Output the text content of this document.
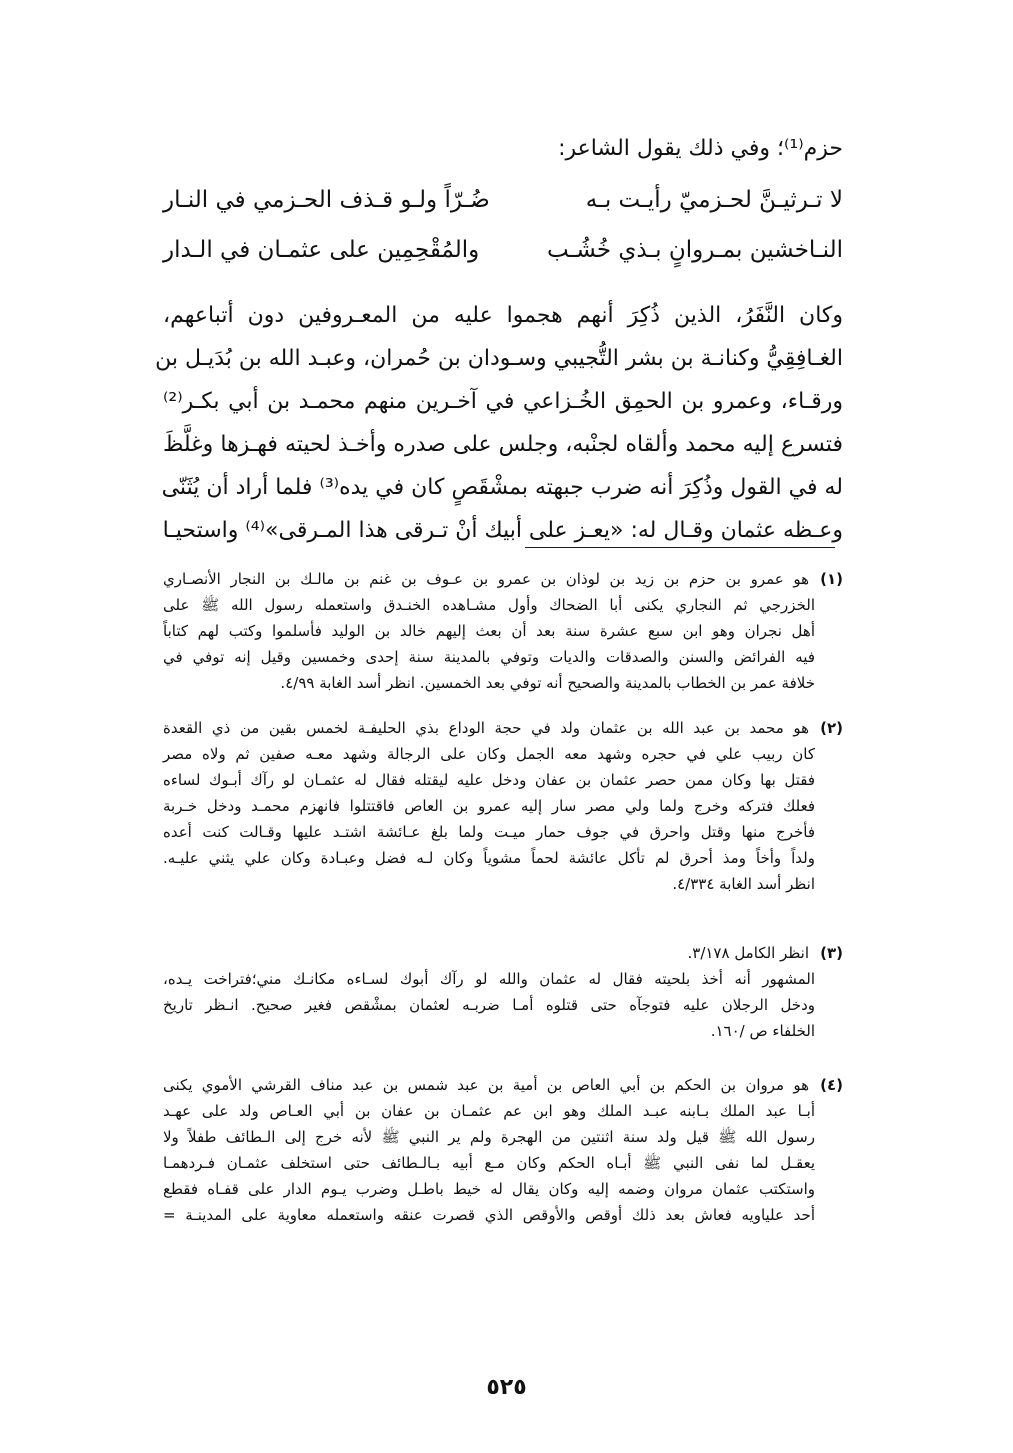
حزم⁽¹⁾؛ وفي ذلك يقول الشاعر:
لا تـرثيـنَّ لحـزميّ رأيـت بـه
ضُـرّاً ولـو قـذف الحـزمي في النـار
النـاخشين بمـروانٍ بـذي خُشُـب
والمُقْحِمِين على عثمـان في الـدار
وكان النَّفَرُ، الذين ذُكِرَ أنهم هجموا عليه من المعـروفين دون أتباعهم،
الغـافِقِيُّ وكنانـة بن بشر التُّجيبي وسـودان بن حُمران، وعبـد الله بن بُدَيـل بن
ورقـاء، وعمرو بن الحمِق الخُـزاعي في آخـرين منهم محمـد بن أبي بكـر⁽²⁾
فتسرع إليه محمد وألقاه لجنْبه، وجلس على صدره وأخـذ لحيته فهـزها وغلَّظَ
له في القول وذُكِرَ أنه ضرب جبهته بمشْقَصٍ كان في يده⁽³⁾ فلما أراد أن يُثَنّى
وعـظه عثمان وقـال له: «يعـز على أبيك أنْ تـرقى هذا المـرقى»⁽⁴⁾ واستحيـا
(١)
هو عمرو بن حزم بن زيد بن لوذان بن عمرو بن عـوف بن غنم بن مالـك بن النجار الأنصـاري
الخزرجي ثم النجاري يكنى أبا الضحاك وأول مشـاهده الخنـدق واستعمله رسول الله ﷺ على
أهل نجران وهو ابن سبع عشرة سنة بعد أن بعث إليهم خالد بن الوليد فأسلموا وكتب لهم كتاباً
فيه الفرائض والسنن والصدقات والديات وتوفي بالمدينة سنة إحدى وخمسين وقيل إنه توفي في
خلافة عمر بن الخطاب بالمدينة والصحيح أنه توفي بعد الخمسين. انظر أسد الغابة ٤/٩٩.
(٢)
هو محمد بن عبد الله بن عثمان ولد في حجة الوداع بذي الحليفـة لخمس بقين من ذي القعدة
كان ربيب علي في حجره وشهد معه الجمل وكان على الرجالة وشهد معـه صفين ثم ولاه مصر
فقتل بها وكان ممن حصر عثمان بن عفان ودخل عليه ليقتله فقال له عثمـان لو رآك أبـوك لساءه
فعلك فتركه وخرج ولما ولي مصر سار إليه عمرو بن العاص فاقتتلوا فانهزم محمـد ودخل خـربة
فأخرج منها وقتل واحرق في جوف حمار ميـت ولما بلغ عـائشة اشتـد عليها وقـالت كنت أعده
ولداً وأخاً ومذ أحرق لم تأكل عائشة لحماً مشوياً وكان لـه فضل وعبـادة وكان علي يثني عليـه.
انظر أسد الغابة ٤/٣٣٤.
(٣)
انظر الكامل ٣/١٧٨.
المشهور أنه أخذ بلحيته فقال له عثمان والله لو رآك أبوك لسـاءه مكانـك مني؛فتراخت يـده،
ودخل الرجلان عليه فتوجآه حتى قتلوه أمـا ضربـه لعثمان بمشْقص فغير صحيح. انـظر تاريخ
الخلفاء ص /١٦٠.
(٤)
هو مروان بن الحكم بن أبي العاص بن أمية بن عبد شمس بن عبد مناف القرشي الأموي يكنى
أبـا عبد الملك بـابنه عبـد الملك وهو ابن عم عثمـان بن عفان بن أبي العـاص ولد على عهـد
رسول الله ﷺ قيل ولد سنة اثنتين من الهجرة ولم ير النبي ﷺ لأنه خرج إلى الـطائف طفلاً ولا
يعقـل لما نفى النبي ﷺ أبـاه الحكم وكان مـع أبيه بـالـطائف حتى استخلف عثمـان فـردهمـا
واستكتب عثمان مروان وضمه إليه وكان يقال له خيط باطـل وضرب يـوم الدار على قفـاه فقطع
أحد علياويه فعاش بعد ذلك أوقص والأوقص الذي قصرت عنقه واستعمله معاوية على المدينـة =
٥٢٥
